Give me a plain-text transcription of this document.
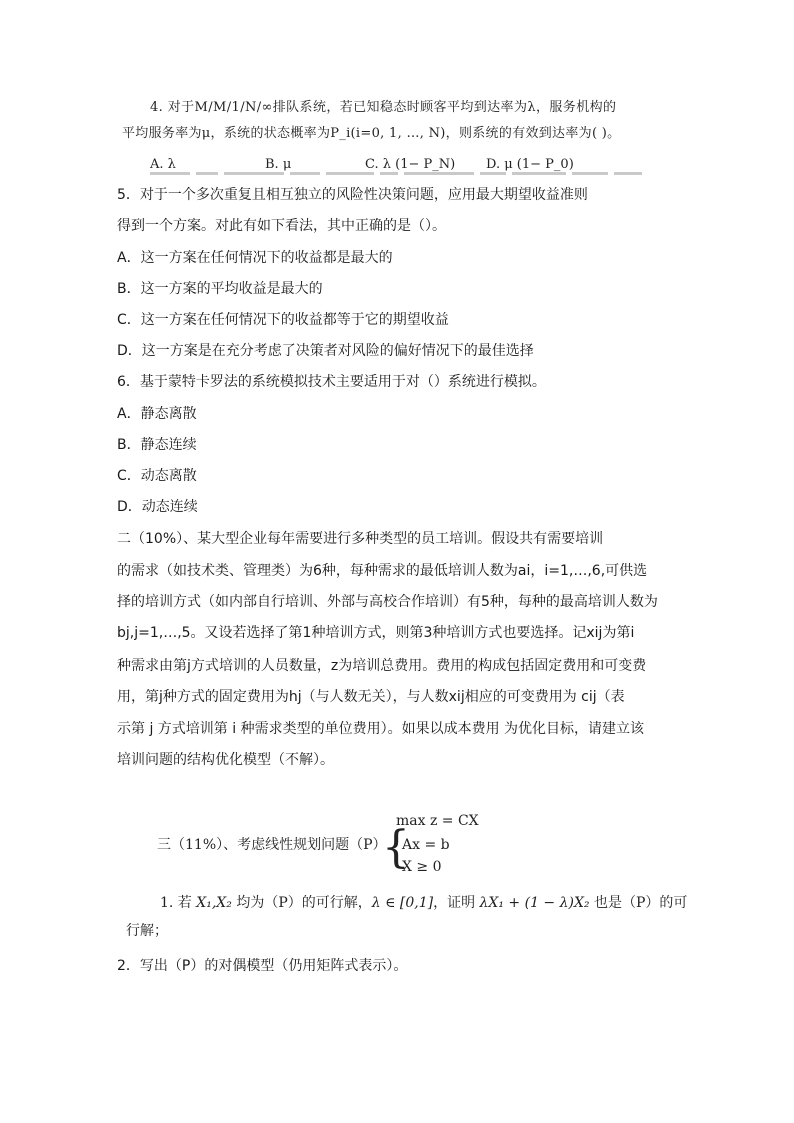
4. 对于M/M/1/N/∞排队系统，若已知稳态时顾客平均到达率为λ，服务机构的
平均服务率为μ，系统的状态概率为P_i(i=0, 1, …, N)，则系统的有效到达率为( )。
A. λ	B. μ	C. λ (1− P_N) D. μ (1− P_0)
5．对于一个多次重复且相互独立的风险性决策问题，应用最大期望收益准则
得到一个方案。对此有如下看法，其中正确的是（）。
A．这一方案在任何情况下的收益都是最大的
B．这一方案的平均收益是最大的
C．这一方案在任何情况下的收益都等于它的期望收益
D．这一方案是在充分考虑了决策者对风险的偏好情况下的最佳选择
6．基于蒙特卡罗法的系统模拟技术主要适用于对（）系统进行模拟。
A．静态离散
B．静态连续
C．动态离散
D．动态连续
二（10%）、某大型企业每年需要进行多种类型的员工培训。假设共有需要培训
的需求（如技术类、管理类）为6种，每种需求的最低培训人数为ai，i=1,…,6,可供选
择的培训方式（如内部自行培训、外部与高校合作培训）有5种，每种的最高培训人数为
bj,j=1,…,5。又设若选择了第1种培训方式，则第3种培训方式也要选择。记xij为第i
种需求由第j方式培训的人员数量，z为培训总费用。费用的构成包括固定费用和可变费
用，第j种方式的固定费用为hj（与人数无关），与人数xij相应的可变费用为 cij（表
示第 j 方式培训第 i 种需求类型的单位费用）。如果以成本费用 为优化目标，请建立该
培训问题的结构优化模型（不解）。
max z = CX
三（11%）、考虑线性规划问题（P）
{
Ax = b
X ≥ 0
1. 若 X₁,X₂ 均为（P）的可行解，λ ∈ [0,1]，证明 λX₁ + (1 − λ)X₂ 也是（P）的可
行解；
2．写出（P）的对偶模型（仍用矩阵式表示）。
